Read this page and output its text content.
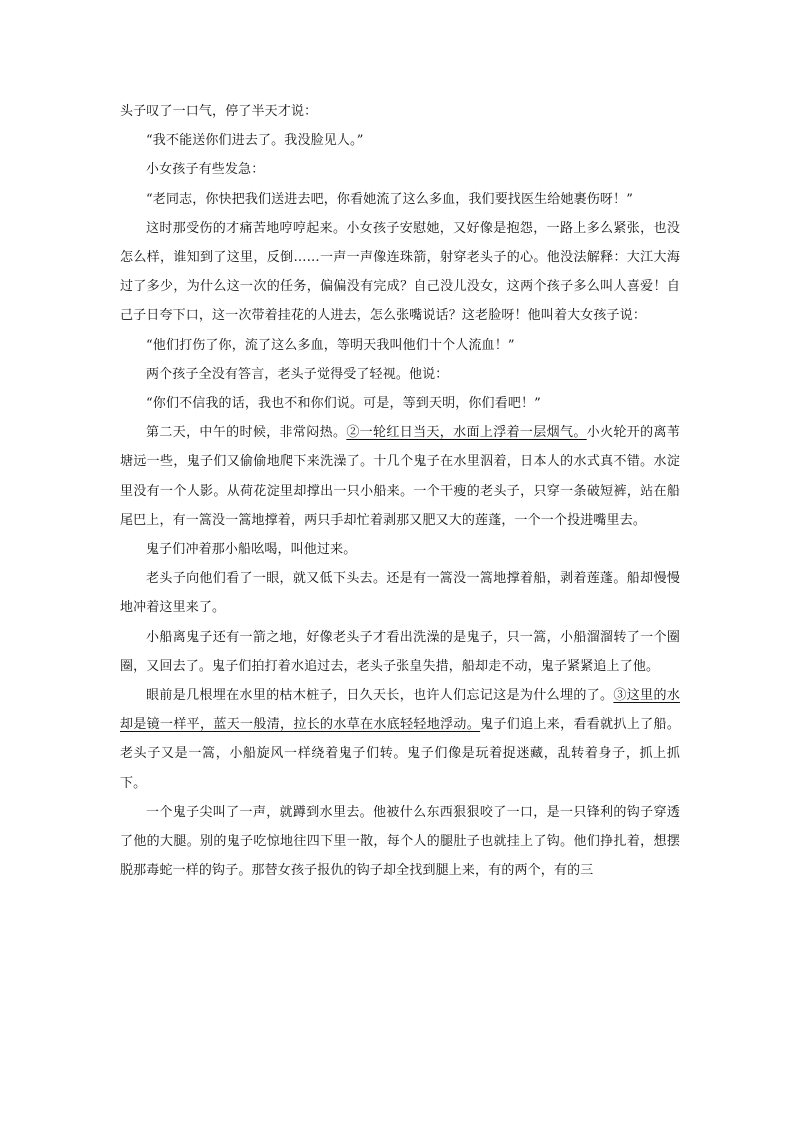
头子叹了一口气，停了半天才说：

“我不能送你们进去了。我没脸见人。”

小女孩子有些发急：

“老同志，你快把我们送进去吧，你看她流了这么多血，我们要找医生给她裹伤呀！”

这时那受伤的才痛苦地哼哼起来。小女孩子安慰她，又好像是抱怨，一路上多么紧张，也没怎么样，谁知到了这里，反倒……一声一声像连珠箭，射穿老头子的心。他没法解释：大江大海过了多少，为什么这一次的任务，偏偏没有完成？自己没儿没女，这两个孩子多么叫人喜爱！自己子日夸下口，这一次带着挂花的人进去，怎么张嘴说话？这老脸呀！他叫着大女孩子说：

“他们打伤了你，流了这么多血，等明天我叫他们十个人流血！”

两个孩子全没有答言，老头子觉得受了轻视。他说：

“你们不信我的话，我也不和你们说。可是，等到天明，你们看吧！”

第二天，中午的时候，非常闷热。②一轮红日当天，水面上浮着一层烟气。小火轮开的离苇塘远一些，鬼子们又偷偷地爬下来洗澡了。十几个鬼子在水里泅着，日本人的水式真不错。水淀里没有一个人影。从荷花淀里却撑出一只小船来。一个干瘦的老头子，只穿一条破短裤，站在船尾巴上，有一篙没一篙地撑着，两只手却忙着剥那又肥又大的莲蓬，一个一个投进嘴里去。

鬼子们冲着那小船吆喝，叫他过来。

老头子向他们看了一眼，就又低下头去。还是有一篙没一篙地撑着船，剥着莲蓬。船却慢慢地冲着这里来了。

小船离鬼子还有一箭之地，好像老头子才看出洗澡的是鬼子，只一篙，小船溜溜转了一个圈圈，又回去了。鬼子们拍打着水追过去，老头子张皇失措，船却走不动，鬼子紧紧追上了他。

眼前是几根埋在水里的枯木桩子，日久天长，也许人们忘记这是为什么埋的了。③这里的水却是镜一样平，蓝天一般清，拉长的水草在水底轻轻地浮动。鬼子们追上来，看看就扒上了船。老头子又是一篙，小船旋风一样绕着鬼子们转。鬼子们像是玩着捉迷藏，乱转着身子，抓上抓下。

一个鬼子尖叫了一声，就蹲到水里去。他被什么东西狠狠咬了一口，是一只锋利的钩子穿透了他的大腿。别的鬼子吃惊地往四下里一散，每个人的腿肚子也就挂上了钩。他们挣扎着，想摆脱那毒蛇一样的钩子。那替女孩子报仇的钩子却全找到腿上来，有的两个，有的三
